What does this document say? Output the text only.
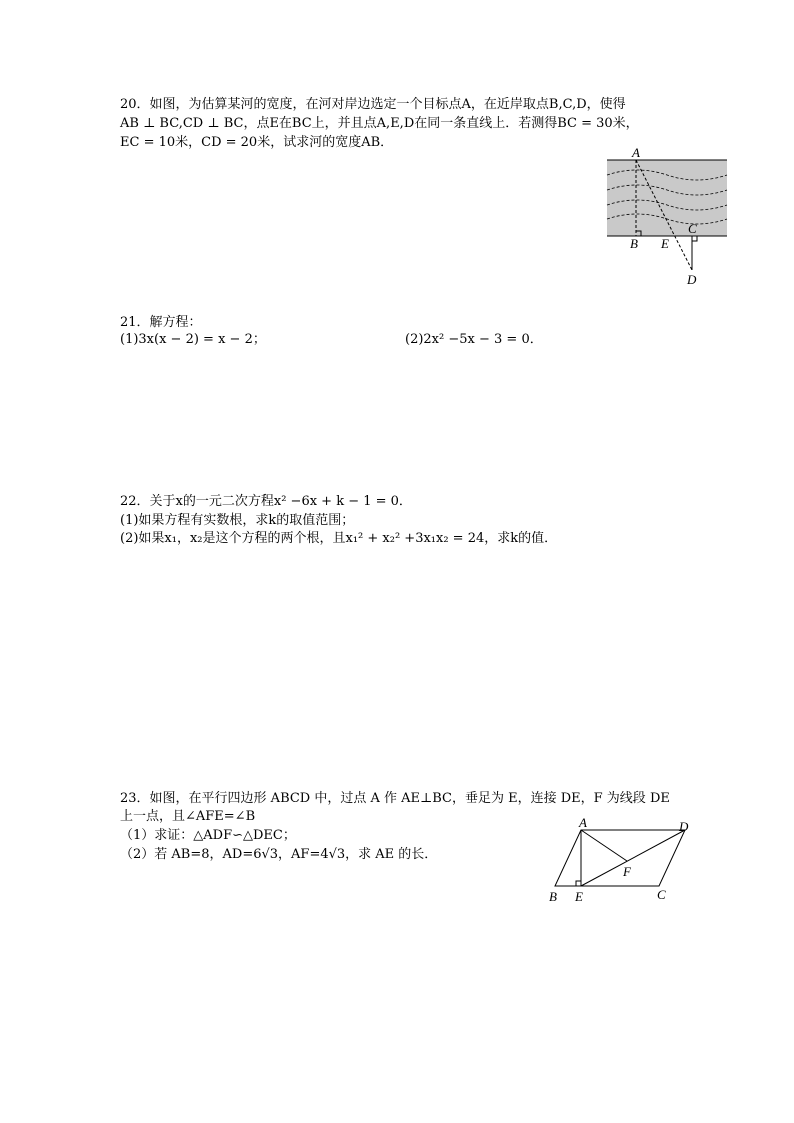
20．如图，为估算某河的宽度，在河对岸边选定一个目标点A，在近岸取点B,C,D，使得
AB ⊥ BC,CD ⊥ BC，点E在BC上，并且点A,E,D在同一条直线上．若测得BC = 30米，
EC = 10米，CD = 20米，试求河的宽度AB．
A
B
C
D
E
21．解方程：
(1)3x(x − 2) = x − 2；	(2)2x² −5x − 3 = 0．
22．关于x的一元二次方程x² −6x + k − 1 = 0．
(1)如果方程有实数根，求k的取值范围；
(2)如果x₁，x₂是这个方程的两个根，且x₁² + x₂² +3x₁x₂ = 24，求k的值．
23．如图，在平行四边形 ABCD 中，过点 A 作 AE⊥BC，垂足为 E，连接 DE，F 为线段 DE
上一点，且∠AFE=∠B
（1）求证：△ADF∽△DEC；
（2）若 AB=8，AD=6√3，AF=4√3，求 AE 的长．
A	D
B E	C
F
